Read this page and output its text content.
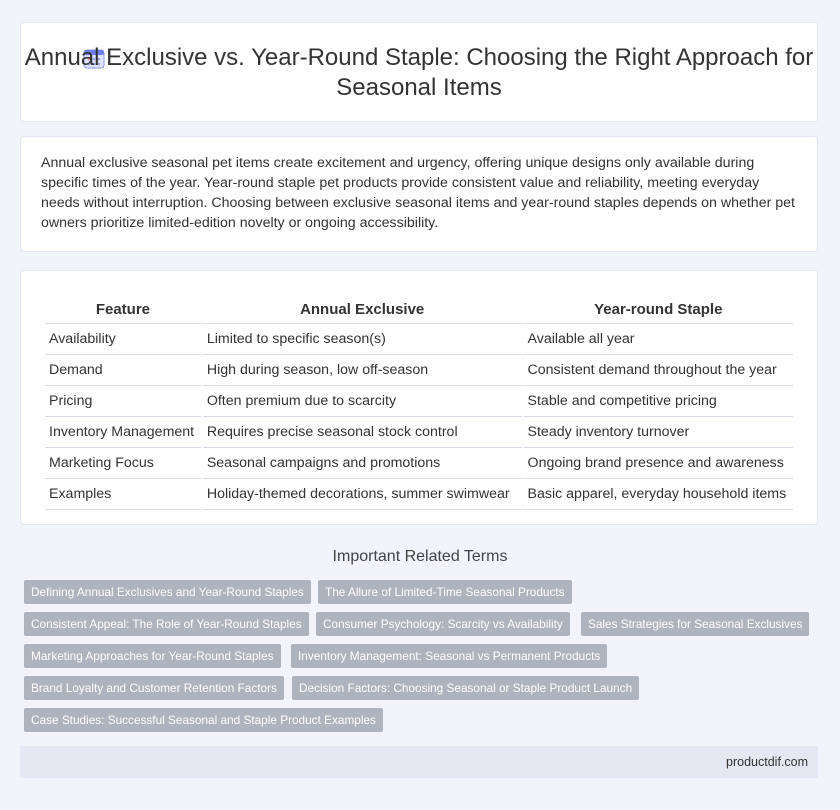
Annual Exclusive vs. Year-Round Staple: Choosing the Right Approach for Seasonal Items

Annual exclusive seasonal pet items create excitement and urgency, offering unique designs only available during specific times of the year. Year-round staple pet products provide consistent value and reliability, meeting everyday needs without interruption. Choosing between exclusive seasonal items and year-round staples depends on whether pet owners prioritize limited-edition novelty or ongoing accessibility.

Feature	Annual Exclusive	Year-round Staple
Availability	Limited to specific season(s)	Available all year
Demand	High during season, low off-season	Consistent demand throughout the year
Pricing	Often premium due to scarcity	Stable and competitive pricing
Inventory Management	Requires precise seasonal stock control	Steady inventory turnover
Marketing Focus	Seasonal campaigns and promotions	Ongoing brand presence and awareness
Examples	Holiday-themed decorations, summer swimwear	Basic apparel, everyday household items
Important Related Terms
Defining Annual Exclusives and Year-Round Staples	The Allure of Limited-Time Seasonal Products
Consistent Appeal: The Role of Year-Round Staples	Consumer Psychology: Scarcity vs Availability	Sales Strategies for Seasonal Exclusives
Marketing Approaches for Year-Round Staples	Inventory Management: Seasonal vs Permanent Products
Brand Loyalty and Customer Retention Factors	Decision Factors: Choosing Seasonal or Staple Product Launch
Case Studies: Successful Seasonal and Staple Product Examples
productdif.com
